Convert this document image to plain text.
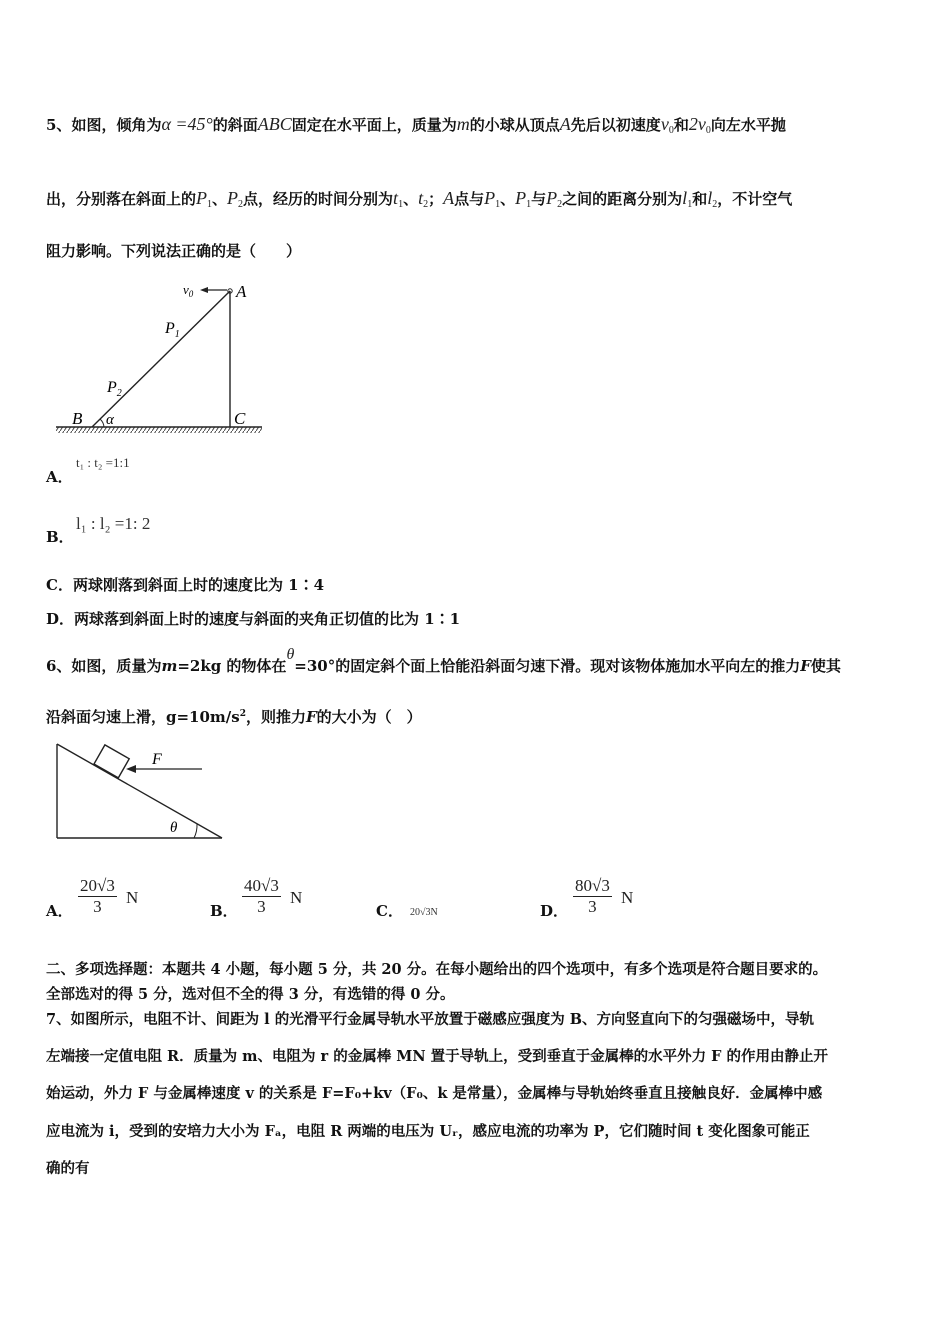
5、如图，倾角为α =45°的斜面ABC固定在水平面上，质量为m的小球从顶点A先后以初速度$v_0$和$2v_0$向左水平抛
出，分别落在斜面上的$P_1$、$P_2$点，经历的时间分别为$t_1$、$t_2$；A点与$P_1$、$P_1$与$P_2$之间的距离分别为$l_1$和$l_2$，不计空气
阻力影响。下列说法正确的是（　　）
$v_0$	A
$P_1$
$P_2$
B α	C
A．
t₁ : t₂ =1:1
B．
l₁ : l₂ =1: 2
C．两球刚落到斜面上时的速度比为 1∶4
D．两球落到斜面上时的速度与斜面的夹角正切值的比为 1∶1
6、如图，质量为m=2kg 的物体在θ=30°的固定斜个面上恰能沿斜面匀速下滑。现对该物体施加水平向左的推力F使其
沿斜面匀速上滑，$g=10m/s^2$，则推力F的大小为（　）
F
θ
A． $\frac{20√3}{3}$ N
B． $\frac{40√3}{3}$ N
C． 20√3N	D． $\frac{80√3}{3}$ N
二、多项选择题：本题共 4 小题，每小题 5 分，共 20 分。在每小题给出的四个选项中，有多个选项是符合题目要求的。
全部选对的得 5 分，选对但不全的得 3 分，有选错的得 0 分。
7、如图所示，电阻不计、间距为 l 的光滑平行金属导轨水平放置于磁感应强度为 B、方向竖直向下的匀强磁场中，导轨
左端接一定值电阻 R．质量为 m、电阻为 r 的金属棒 MN 置于导轨上，受到垂直于金属棒的水平外力 F 的作用由静止开
始运动，外力 F 与金属棒速度 v 的关系是 F=F₀+kv（F₀、k 是常量），金属棒与导轨始终垂直且接触良好．金属棒中感
应电流为 i，受到的安培力大小为 Fₐ，电阻 R 两端的电压为 Uᵣ，感应电流的功率为 P，它们随时间 t 变化图象可能正
确的有
